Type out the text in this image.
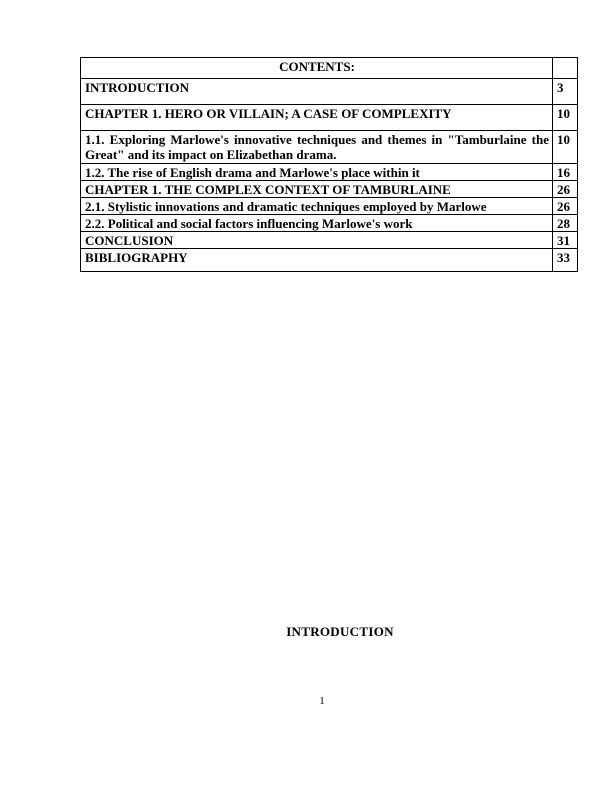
CONTENTS:	
INTRODUCTION	3
CHAPTER 1. HERO OR VILLAIN; A CASE OF COMPLEXITY	10
1.1. Exploring Marlowe's innovative techniques and themes in "Tamburlaine the Great" and its impact on Elizabethan drama.	10
1.2. The rise of English drama and Marlowe's place within it	16
CHAPTER 1. THE COMPLEX CONTEXT OF TAMBURLAINE	26
2.1. Stylistic innovations and dramatic techniques employed by Marlowe	26
2.2. Political and social factors influencing Marlowe's work	28
CONCLUSION	31
BIBLIOGRAPHY	33
INTRODUCTION
1
